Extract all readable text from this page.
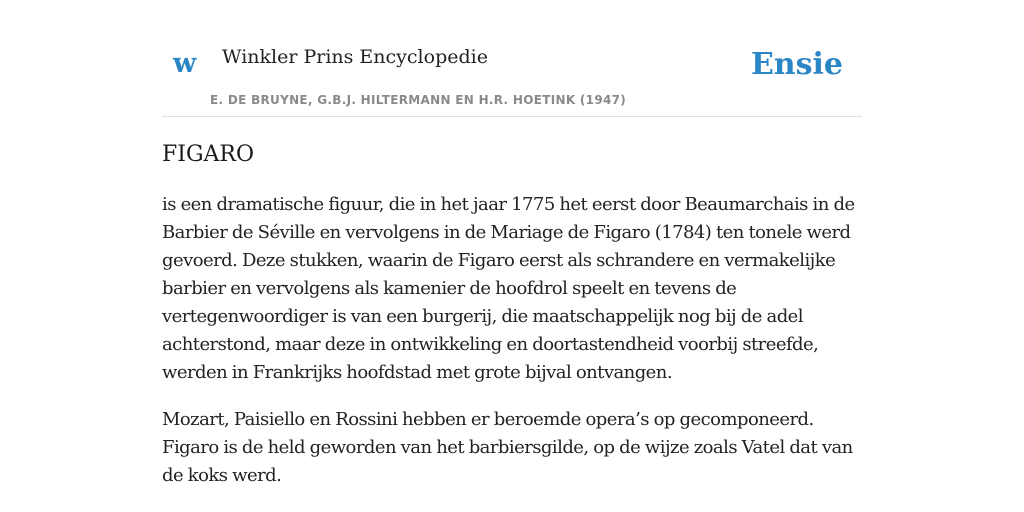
w Winkler Prins Encyclopedie
E. DE BRUYNE, G.B.J. HILTERMANN EN H.R. HOETINK (1947)
Ensie
FIGARO

is een dramatische figuur, die in het jaar 1775 het eerst door Beaumarchais in de Barbier de Séville en vervolgens in de Mariage de Figaro (1784) ten tonele werd gevoerd. Deze stukken, waarin de Figaro eerst als schrandere en vermakelijke barbier en vervolgens als kamenier de hoofdrol speelt en tevens de vertegenwoordiger is van een burgerij, die maatschappelijk nog bij de adel achterstond, maar deze in ontwikkeling en doortastendheid voorbij streefde, werden in Frankrijks hoofdstad met grote bijval ontvangen.

Mozart, Paisiello en Rossini hebben er beroemde opera’s op gecomponeerd. Figaro is de held geworden van het barbiersgilde, op de wijze zoals Vatel dat van de koks werd.
